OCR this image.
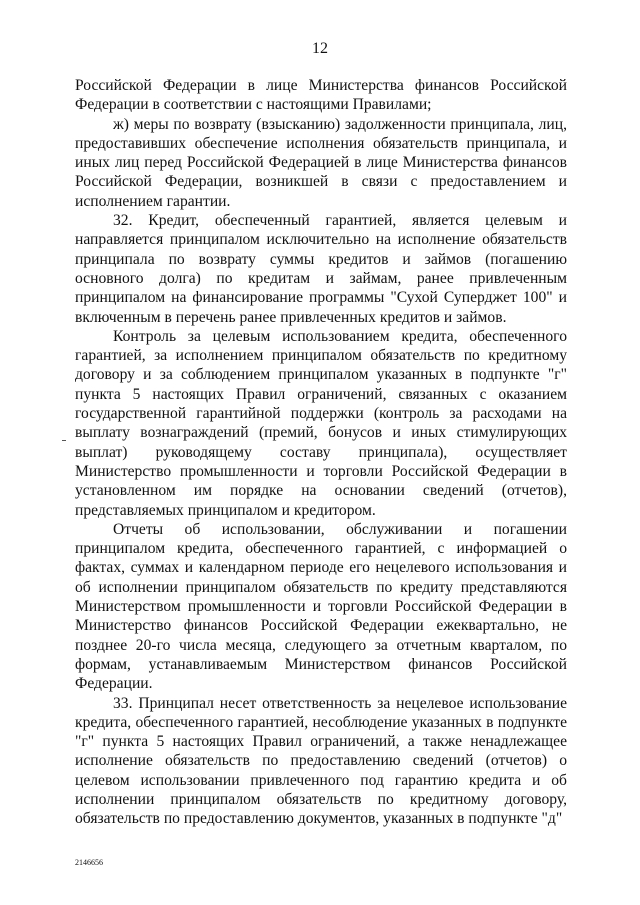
12

Российской Федерации в лице Министерства финансов Российской Федерации в соответствии с настоящими Правилами;

ж) меры по возврату (взысканию) задолженности принципала, лиц, предоставивших обеспечение исполнения обязательств принципала, и иных лиц перед Российской Федерацией в лице Министерства финансов Российской Федерации, возникшей в связи с предоставлением и исполнением гарантии.

32. Кредит, обеспеченный гарантией, является целевым и направляется принципалом исключительно на исполнение обязательств принципала по возврату суммы кредитов и займов (погашению основного долга) по кредитам и займам, ранее привлеченным принципалом на финансирование программы "Сухой Суперджет 100" и включенным в перечень ранее привлеченных кредитов и займов.

Контроль за целевым использованием кредита, обеспеченного гарантией, за исполнением принципалом обязательств по кредитному договору и за соблюдением принципалом указанных в подпункте "г" пункта 5 настоящих Правил ограничений, связанных с оказанием государственной гарантийной поддержки (контроль за расходами на выплату вознаграждений (премий, бонусов и иных стимулирующих выплат) руководящему составу принципала), осуществляет Министерство промышленности и торговли Российской Федерации в установленном им порядке на основании сведений (отчетов), представляемых принципалом и кредитором.

Отчеты об использовании, обслуживании и погашении принципалом кредита, обеспеченного гарантией, с информацией о фактах, суммах и календарном периоде его нецелевого использования и об исполнении принципалом обязательств по кредиту представляются Министерством промышленности и торговли Российской Федерации в Министерство финансов Российской Федерации ежеквартально, не позднее 20-го числа месяца, следующего за отчетным кварталом, по формам, устанавливаемым Министерством финансов Российской Федерации.

33. Принципал несет ответственность за нецелевое использование кредита, обеспеченного гарантией, несоблюдение указанных в подпункте "г" пункта 5 настоящих Правил ограничений, а также ненадлежащее исполнение обязательств по предоставлению сведений (отчетов) о целевом использовании привлеченного под гарантию кредита и об исполнении принципалом обязательств по кредитному договору, обязательств по предоставлению документов, указанных в подпункте "д"

2146656
